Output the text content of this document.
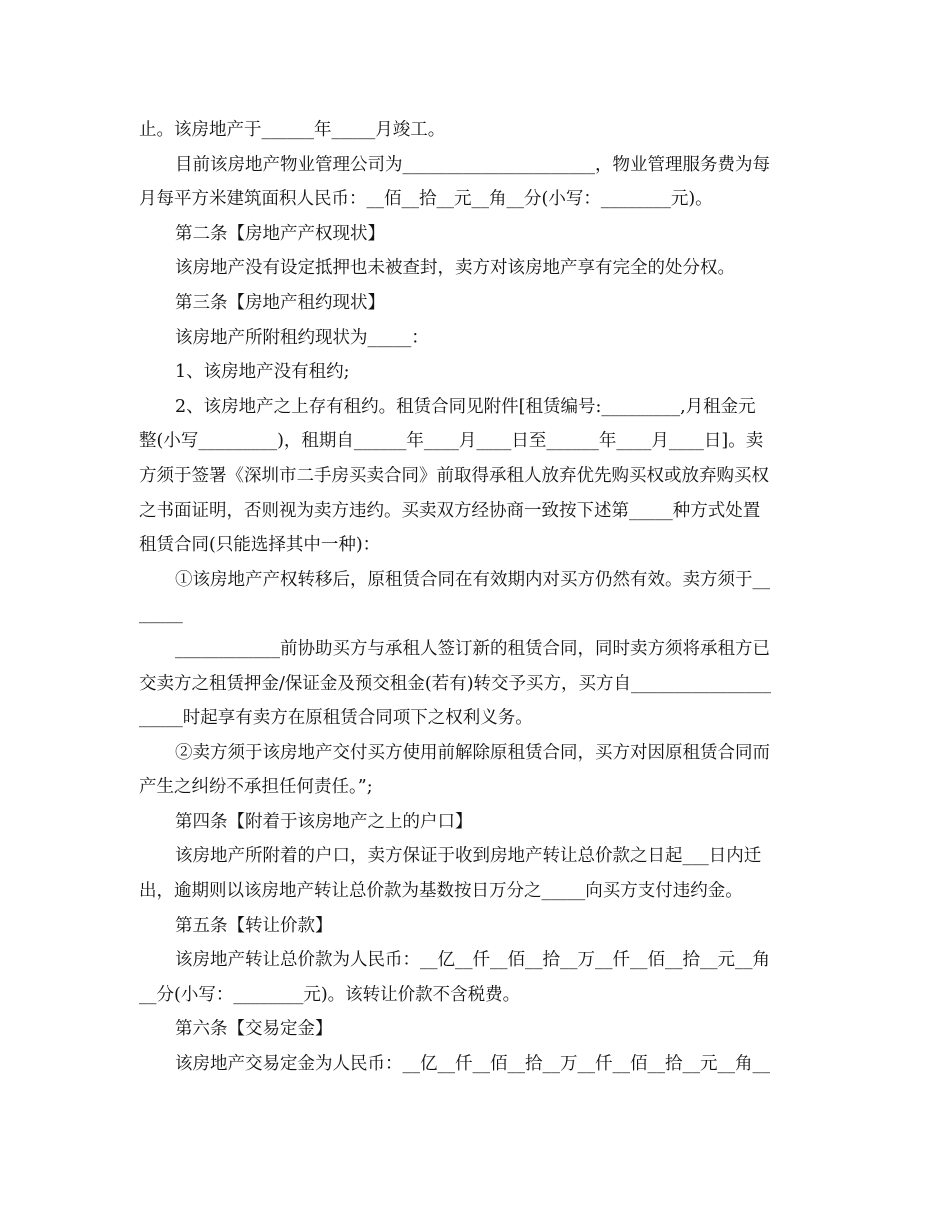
止。该房地产于______年_____月竣工。
目前该房地产物业管理公司为______________________，物业管理服务费为每
月每平方米建筑面积人民币：__佰__拾__元__角__分(小写：________元)。
第二条【房地产产权现状】
该房地产没有设定抵押也未被查封，卖方对该房地产享有完全的处分权。
第三条【房地产租约现状】
该房地产所附租约现状为_____：
1、该房地产没有租约;
2、该房地产之上存有租约。租赁合同见附件[租赁编号:_________,月租金元
整(小写_________)，租期自______年____月____日至______年____月____日]。卖
方须于签署《深圳市二手房买卖合同》前取得承租人放弃优先购买权或放弃购买权
之书面证明，否则视为卖方违约。买卖双方经协商一致按下述第_____种方式处置
租赁合同(只能选择其中一种)：
①该房地产产权转移后，原租赁合同在有效期内对买方仍然有效。卖方须于__
_____
____________前协助买方与承租人签订新的租赁合同，同时卖方须将承租方已
交卖方之租赁押金/保证金及预交租金(若有)转交予买方，买方自________________
_____时起享有卖方在原租赁合同项下之权利义务。
②卖方须于该房地产交付买方使用前解除原租赁合同，买方对因原租赁合同而
产生之纠纷不承担任何责任。”;
第四条【附着于该房地产之上的户口】
该房地产所附着的户口，卖方保证于收到房地产转让总价款之日起___日内迁
出，逾期则以该房地产转让总价款为基数按日万分之_____向买方支付违约金。
第五条【转让价款】
该房地产转让总价款为人民币：__亿__仟__佰__拾__万__仟__佰__拾__元__角
__分(小写：________元)。该转让价款不含税费。
第六条【交易定金】
该房地产交易定金为人民币：__亿__仟__佰__拾__万__仟__佰__拾__元__角__
